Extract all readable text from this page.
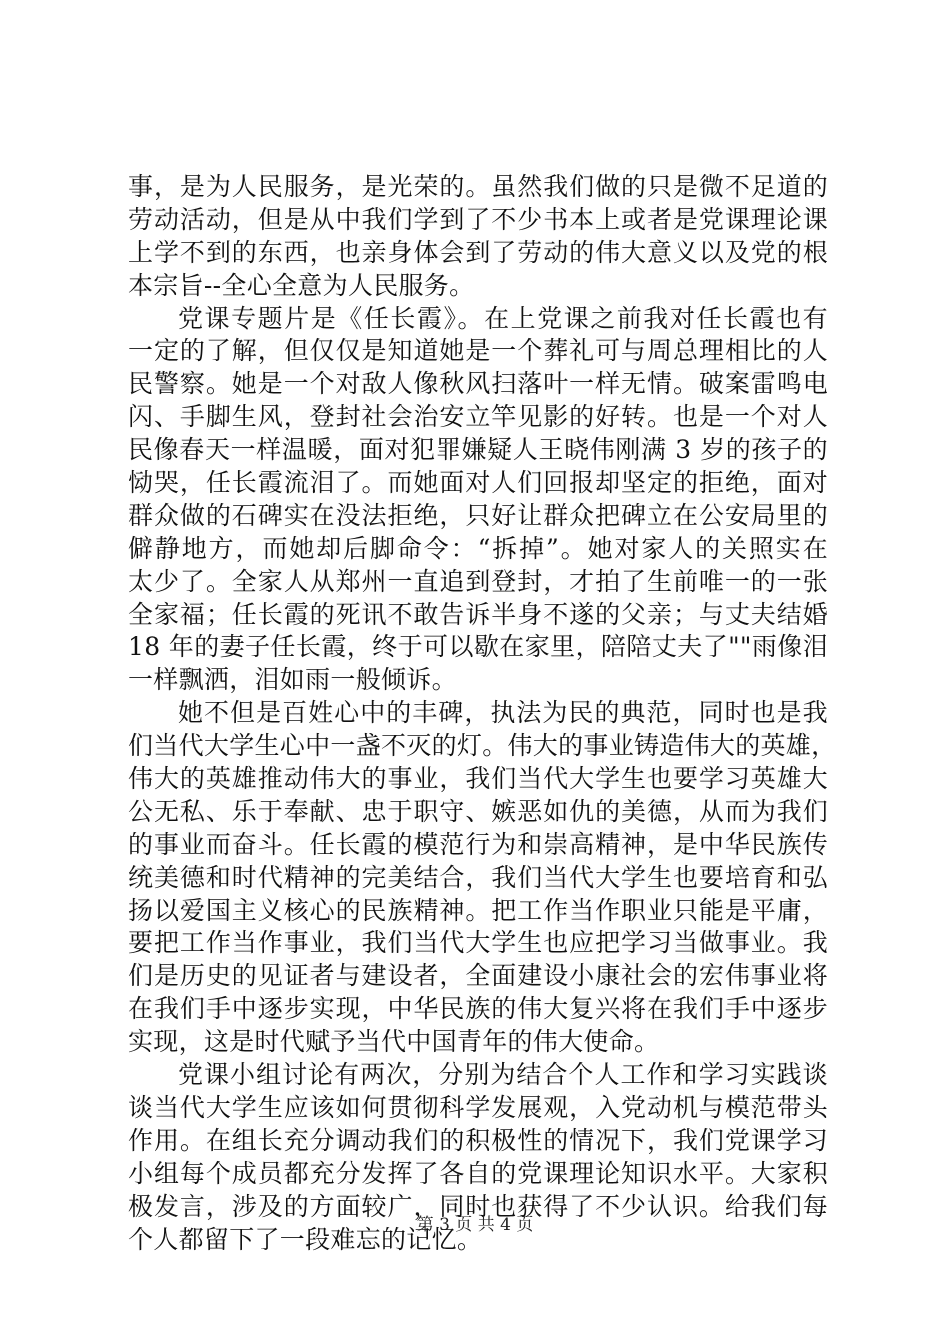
事，是为人民服务，是光荣的。虽然我们做的只是微不足道的
劳动活动，但是从中我们学到了不少书本上或者是党课理论课
上学不到的东西，也亲身体会到了劳动的伟大意义以及党的根
本宗旨--全心全意为人民服务。
党课专题片是《任长霞》。在上党课之前我对任长霞也有
一定的了解，但仅仅是知道她是一个葬礼可与周总理相比的人
民警察。她是一个对敌人像秋风扫落叶一样无情。破案雷鸣电
闪、手脚生风，登封社会治安立竿见影的好转。也是一个对人
民像春天一样温暖，面对犯罪嫌疑人王晓伟刚满 3 岁的孩子的
恸哭，任长霞流泪了。而她面对人们回报却坚定的拒绝，面对
群众做的石碑实在没法拒绝，只好让群众把碑立在公安局里的
僻静地方，而她却后脚命令：“拆掉”。她对家人的关照实在
太少了。全家人从郑州一直追到登封，才拍了生前唯一的一张
全家福；任长霞的死讯不敢告诉半身不遂的父亲；与丈夫结婚
18 年的妻子任长霞，终于可以歇在家里，陪陪丈夫了""雨像泪
一样飘洒，泪如雨一般倾诉。
她不但是百姓心中的丰碑，执法为民的典范，同时也是我
们当代大学生心中一盏不灭的灯。伟大的事业铸造伟大的英雄，
伟大的英雄推动伟大的事业，我们当代大学生也要学习英雄大
公无私、乐于奉献、忠于职守、嫉恶如仇的美德，从而为我们
的事业而奋斗。任长霞的模范行为和崇高精神，是中华民族传
统美德和时代精神的完美结合，我们当代大学生也要培育和弘
扬以爱国主义核心的民族精神。把工作当作职业只能是平庸，
要把工作当作事业，我们当代大学生也应把学习当做事业。我
们是历史的见证者与建设者，全面建设小康社会的宏伟事业将
在我们手中逐步实现，中华民族的伟大复兴将在我们手中逐步
实现，这是时代赋予当代中国青年的伟大使命。
党课小组讨论有两次，分别为结合个人工作和学习实践谈
谈当代大学生应该如何贯彻科学发展观，入党动机与模范带头
作用。在组长充分调动我们的积极性的情况下，我们党课学习
小组每个成员都充分发挥了各自的党课理论知识水平。大家积
极发言，涉及的方面较广，同时也获得了不少认识。给我们每
个人都留下了一段难忘的记忆。
第 3 页 共 4 页
